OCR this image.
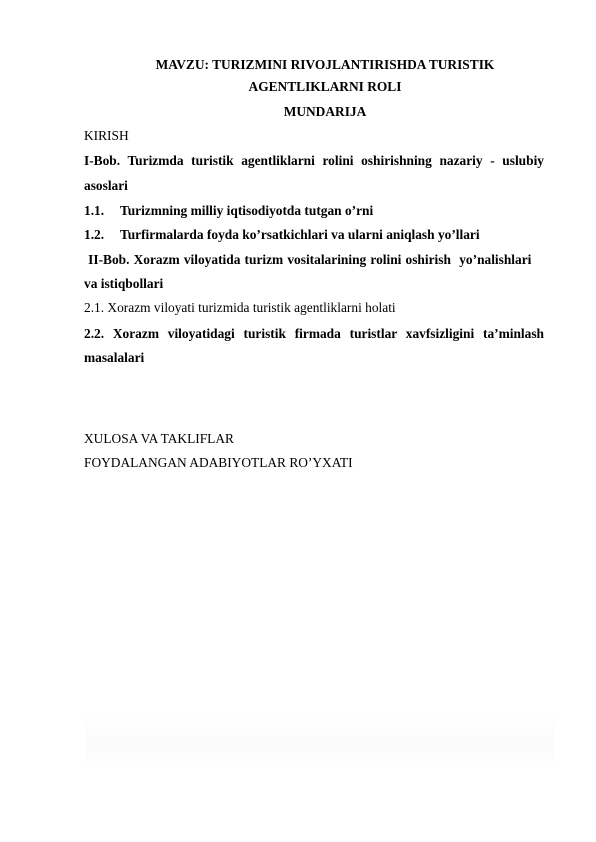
MAVZU: TURIZMINI RIVOJLANTIRISHDA TURISTIK
AGENTLIKLARNI ROLI
MUNDARIJA
KIRISH
I-Bob. Turizmda turistik agentliklarni rolini oshirishning nazariy - uslubiy
asoslari
1.1. Turizmning milliy iqtisodiyotda tutgan o’rni
1.2. Turfirmalarda foyda ko’rsatkichlari va ularni aniqlash yo’llari
II-Bob. Xorazm viloyatida turizm vositalarining rolini oshirish  yo’nalishlari
va istiqbollari
2.1. Xorazm viloyati turizmida turistik agentliklarni holati
2.2. Xorazm viloyatidagi turistik firmada turistlar xavfsizligini ta’minlash
masalalari
XULOSA VA TAKLIFLAR
FOYDALANGAN ADABIYOTLAR RO’YXATI
